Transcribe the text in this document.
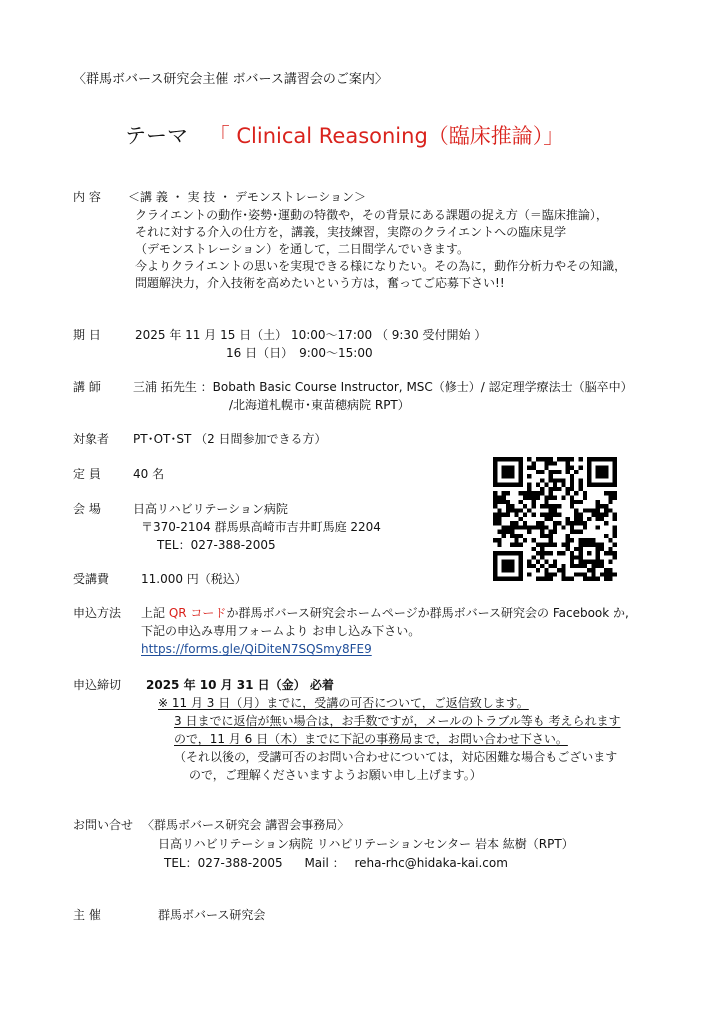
〈群馬ボバース研究会主催 ボバース講習会のご案内〉
テーマ 「 Clinical Reasoning（臨床推論）」
内 容 ＜講 義 ・ 実 技 ・ デモンストレーション＞
クライエントの動作･姿勢･運動の特徴や，その背景にある課題の捉え方（＝臨床推論），
それに対する介入の仕方を，講義，実技練習，実際のクライエントへの臨床見学
（デモンストレーション）を通して，二日間学んでいきます。
今よりクライエントの思いを実現できる様になりたい。その為に，動作分析力やその知識，
問題解決力，介入技術を高めたいという方は，奮ってご応募下さい!!
期 日	2025 年 11 月 15 日（土） 10:00～17:00 （ 9:30 受付開始 ）
16 日（日）　9:00～15:00
講 師	三浦 拓先生 ：Bobath Basic Course Instructor, MSC（修士）/ 認定理学療法士（脳卒中）
/北海道札幌市･東苗穂病院 RPT）
対象者 PT･OT･ST （2 日間参加できる方）
定 員	40 名
会 場	日高リハビリテーション病院
〒370-2104 群馬県高崎市吉井町馬庭 2204
TEL：027-388-2005
受講費	11.000 円（税込）
申込方法 上記 QR コードか群馬ボバース研究会ホームページか群馬ボバース研究会の Facebook か,
下記の申込み専用フォームより お申し込み下さい。
https://forms.gle/QiDiteN7SQSmy8FE9
申込締切 2025 年 10 月 31 日（金） 必着
※ 11 月 3 日（月）までに，受講の可否について，ご返信致します。
3 日までに返信が無い場合は，お手数ですが，メールのトラブル等も 考えられます
ので，11 月 6 日（木）までに下記の事務局まで，お問い合わせ下さい。
（それ以後の，受講可否のお問い合わせについては，対応困難な場合もございます
ので，ご理解くださいますようお願い申し上げます。）
お問い合せ 〈群馬ボバース研究会 講習会事務局〉
日高リハビリテーション病院 リハビリテーションセンター 岩本 紘樹（RPT）
TEL：027-388-2005 Mail ： reha-rhc@hidaka-kai.com
主 催	群馬ボバース研究会
